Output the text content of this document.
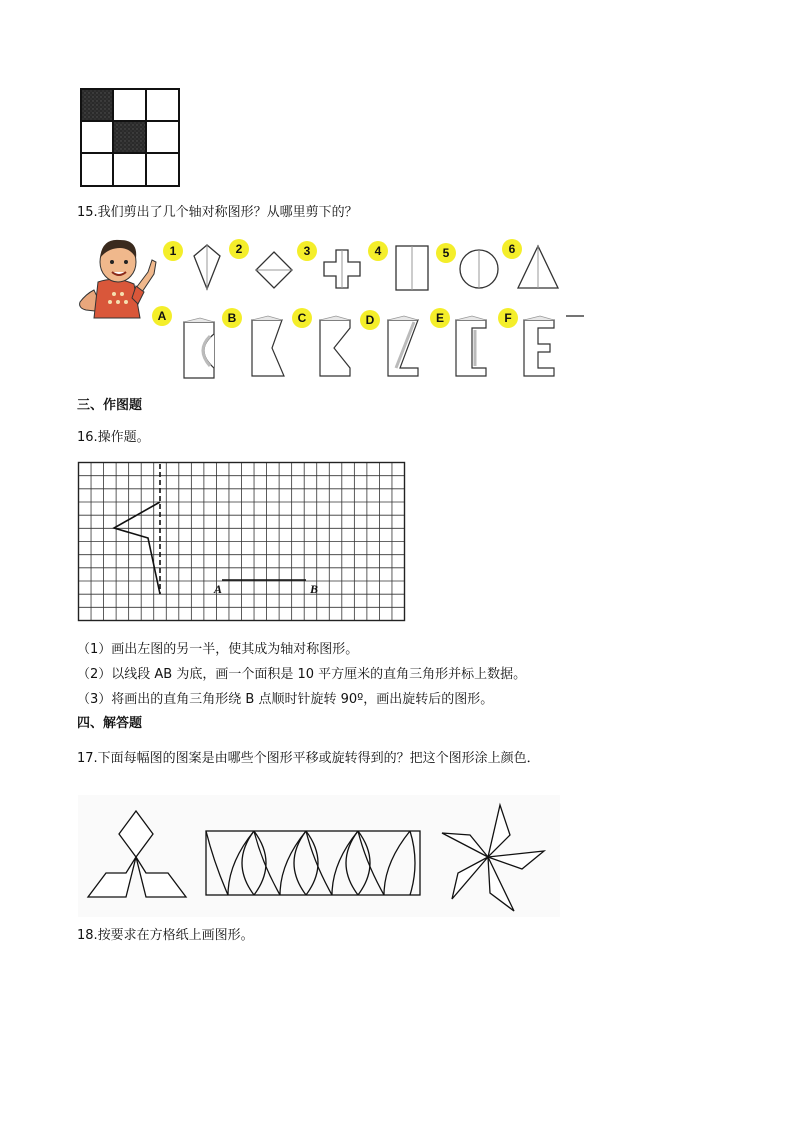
15.我们剪出了几个轴对称图形？从哪里剪下的？
1	2	3	4	5	6
A	B	C	D	E	F
三、作图题
16.操作题。
A	B
（1）画出左图的另一半，使其成为轴对称图形。
（2）以线段 AB 为底，画一个面积是 10 平方厘米的直角三角形并标上数据。
（3）将画出的直角三角形绕 B 点顺时针旋转 90º，画出旋转后的图形。
四、解答题
17.下面每幅图的图案是由哪些个图形平移或旋转得到的？把这个图形涂上颜色．
18.按要求在方格纸上画图形。
